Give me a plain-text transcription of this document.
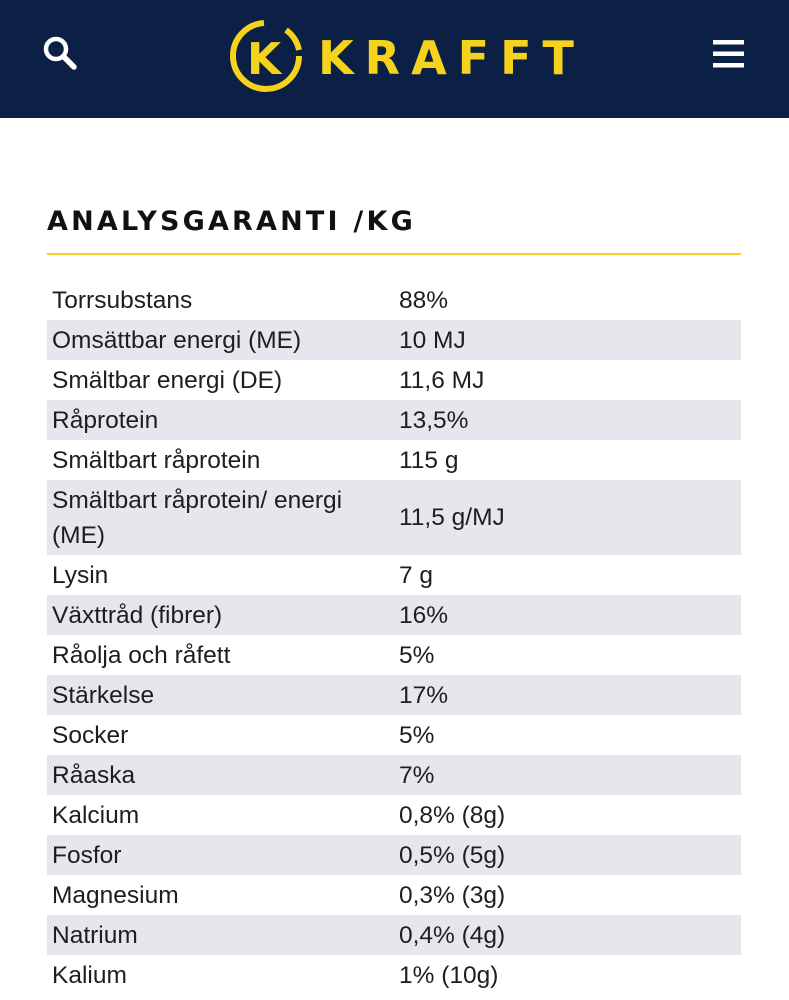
K KRAFFT
ANALYSGARANTI /KG
Torrsubstans	88%
Omsättbar energi (ME)	10 MJ
Smältbar energi (DE)	11,6 MJ
Råprotein	13,5%
Smältbart råprotein	115 g
Smältbart råprotein/ energi (ME)	11,5 g/MJ
Lysin	7 g
Växttråd (fibrer)	16%
Råolja och råfett	5%
Stärkelse	17%
Socker	5%
Råaska	7%
Kalcium	0,8% (8g)
Fosfor	0,5% (5g)
Magnesium	0,3% (3g)
Natrium	0,4% (4g)
Kalium	1% (10g)
